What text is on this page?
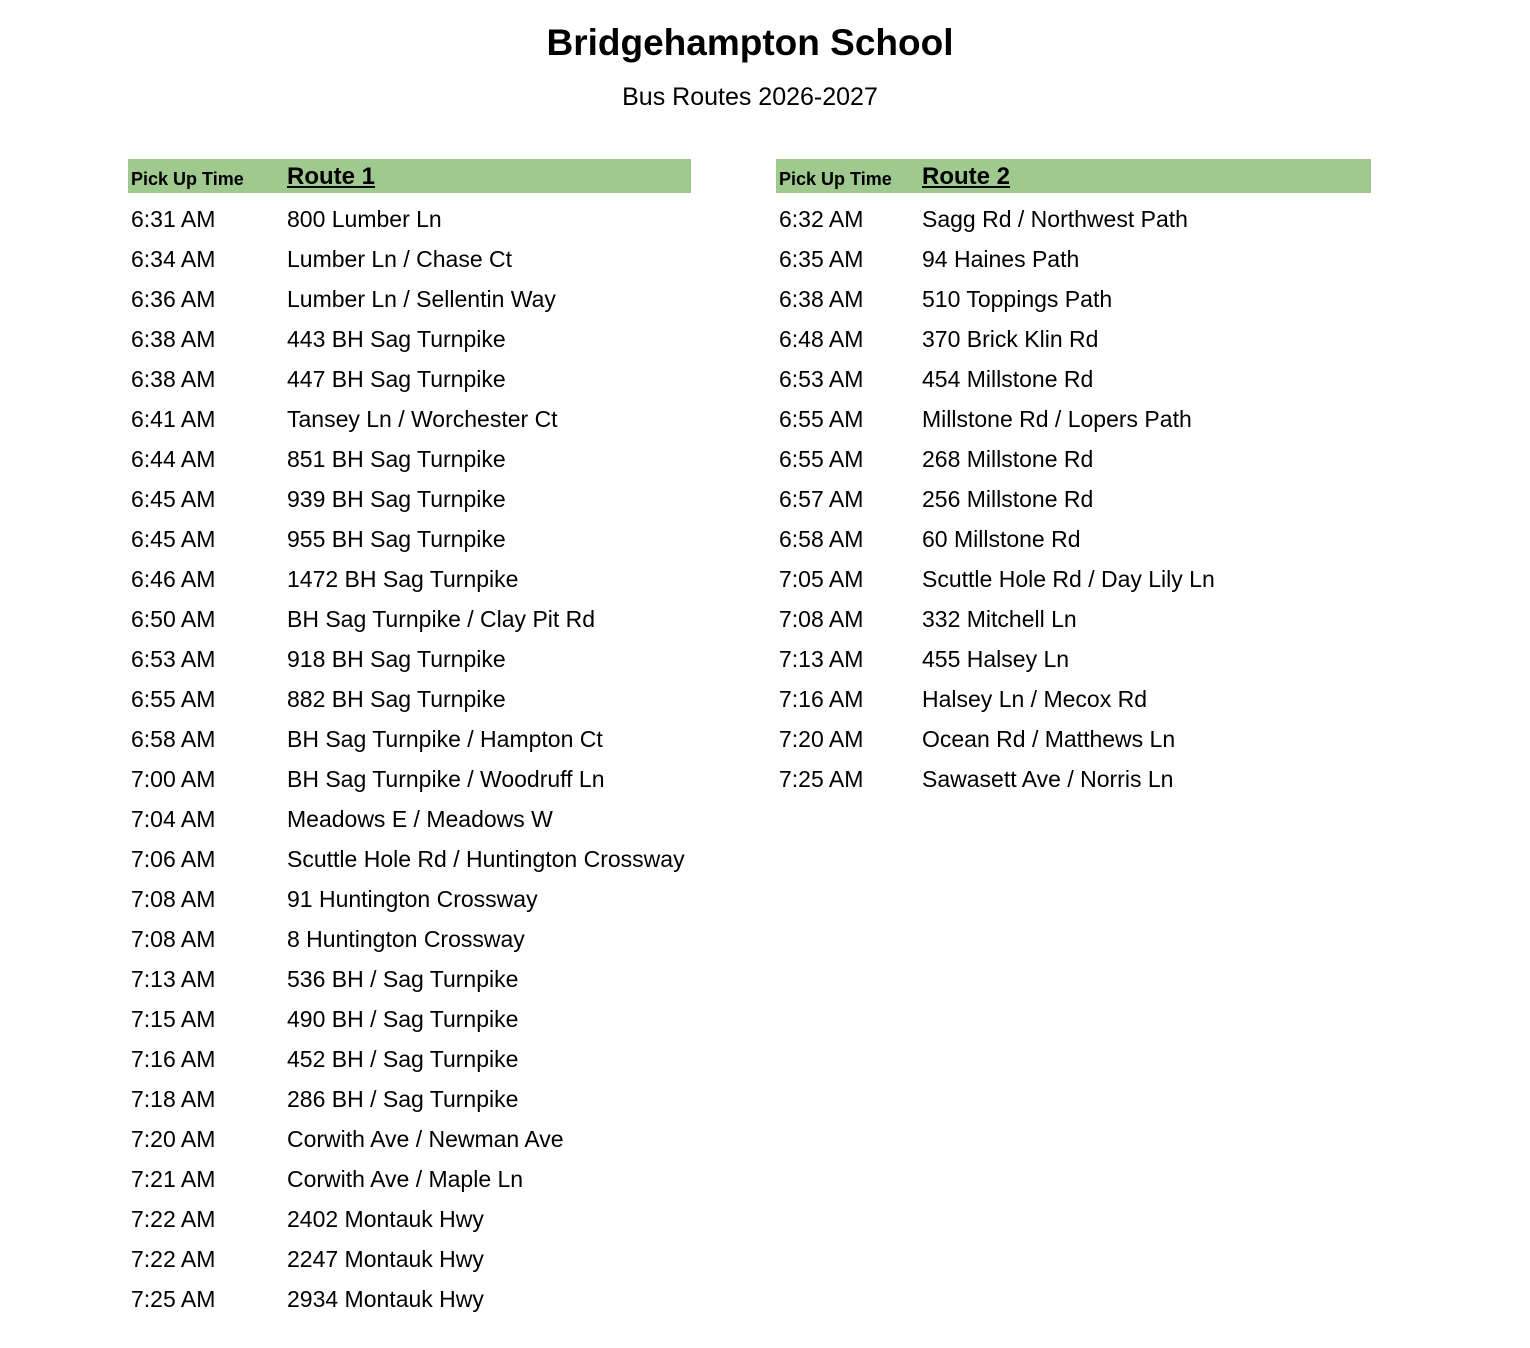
Bridgehampton School
Bus Routes 2026-2027
Pick Up Time Route 1
6:31 AM	800 Lumber Ln
6:34 AM	Lumber Ln / Chase Ct
6:36 AM	Lumber Ln / Sellentin Way
6:38 AM	443 BH Sag Turnpike
6:38 AM	447 BH Sag Turnpike
6:41 AM	Tansey Ln / Worchester Ct
6:44 AM	851 BH Sag Turnpike
6:45 AM	939 BH Sag Turnpike
6:45 AM	955 BH Sag Turnpike
6:46 AM	1472 BH Sag Turnpike
6:50 AM	BH Sag Turnpike / Clay Pit Rd
6:53 AM	918 BH Sag Turnpike
6:55 AM	882 BH Sag Turnpike
6:58 AM	BH Sag Turnpike / Hampton Ct
7:00 AM	BH Sag Turnpike / Woodruff Ln
7:04 AM	Meadows E / Meadows W
7:06 AM	Scuttle Hole Rd / Huntington Crossway
7:08 AM	91 Huntington Crossway
7:08 AM	8 Huntington Crossway
7:13 AM	536 BH / Sag Turnpike
7:15 AM	490 BH / Sag Turnpike
7:16 AM	452 BH / Sag Turnpike
7:18 AM	286 BH / Sag Turnpike
7:20 AM	Corwith Ave / Newman Ave
7:21 AM	Corwith Ave / Maple Ln
7:22 AM	2402 Montauk Hwy
7:22 AM	2247 Montauk Hwy
7:25 AM	2934 Montauk Hwy
Pick Up Time Route 2
6:32 AM	Sagg Rd / Northwest Path
6:35 AM	94 Haines Path
6:38 AM	510 Toppings Path
6:48 AM	370 Brick Klin Rd
6:53 AM	454 Millstone Rd
6:55 AM	Millstone Rd / Lopers Path
6:55 AM	268 Millstone Rd
6:57 AM	256 Millstone Rd
6:58 AM	60 Millstone Rd
7:05 AM	Scuttle Hole Rd / Day Lily Ln
7:08 AM	332 Mitchell Ln
7:13 AM	455 Halsey Ln
7:16 AM	Halsey Ln / Mecox Rd
7:20 AM	Ocean Rd / Matthews Ln
7:25 AM	Sawasett Ave / Norris Ln
